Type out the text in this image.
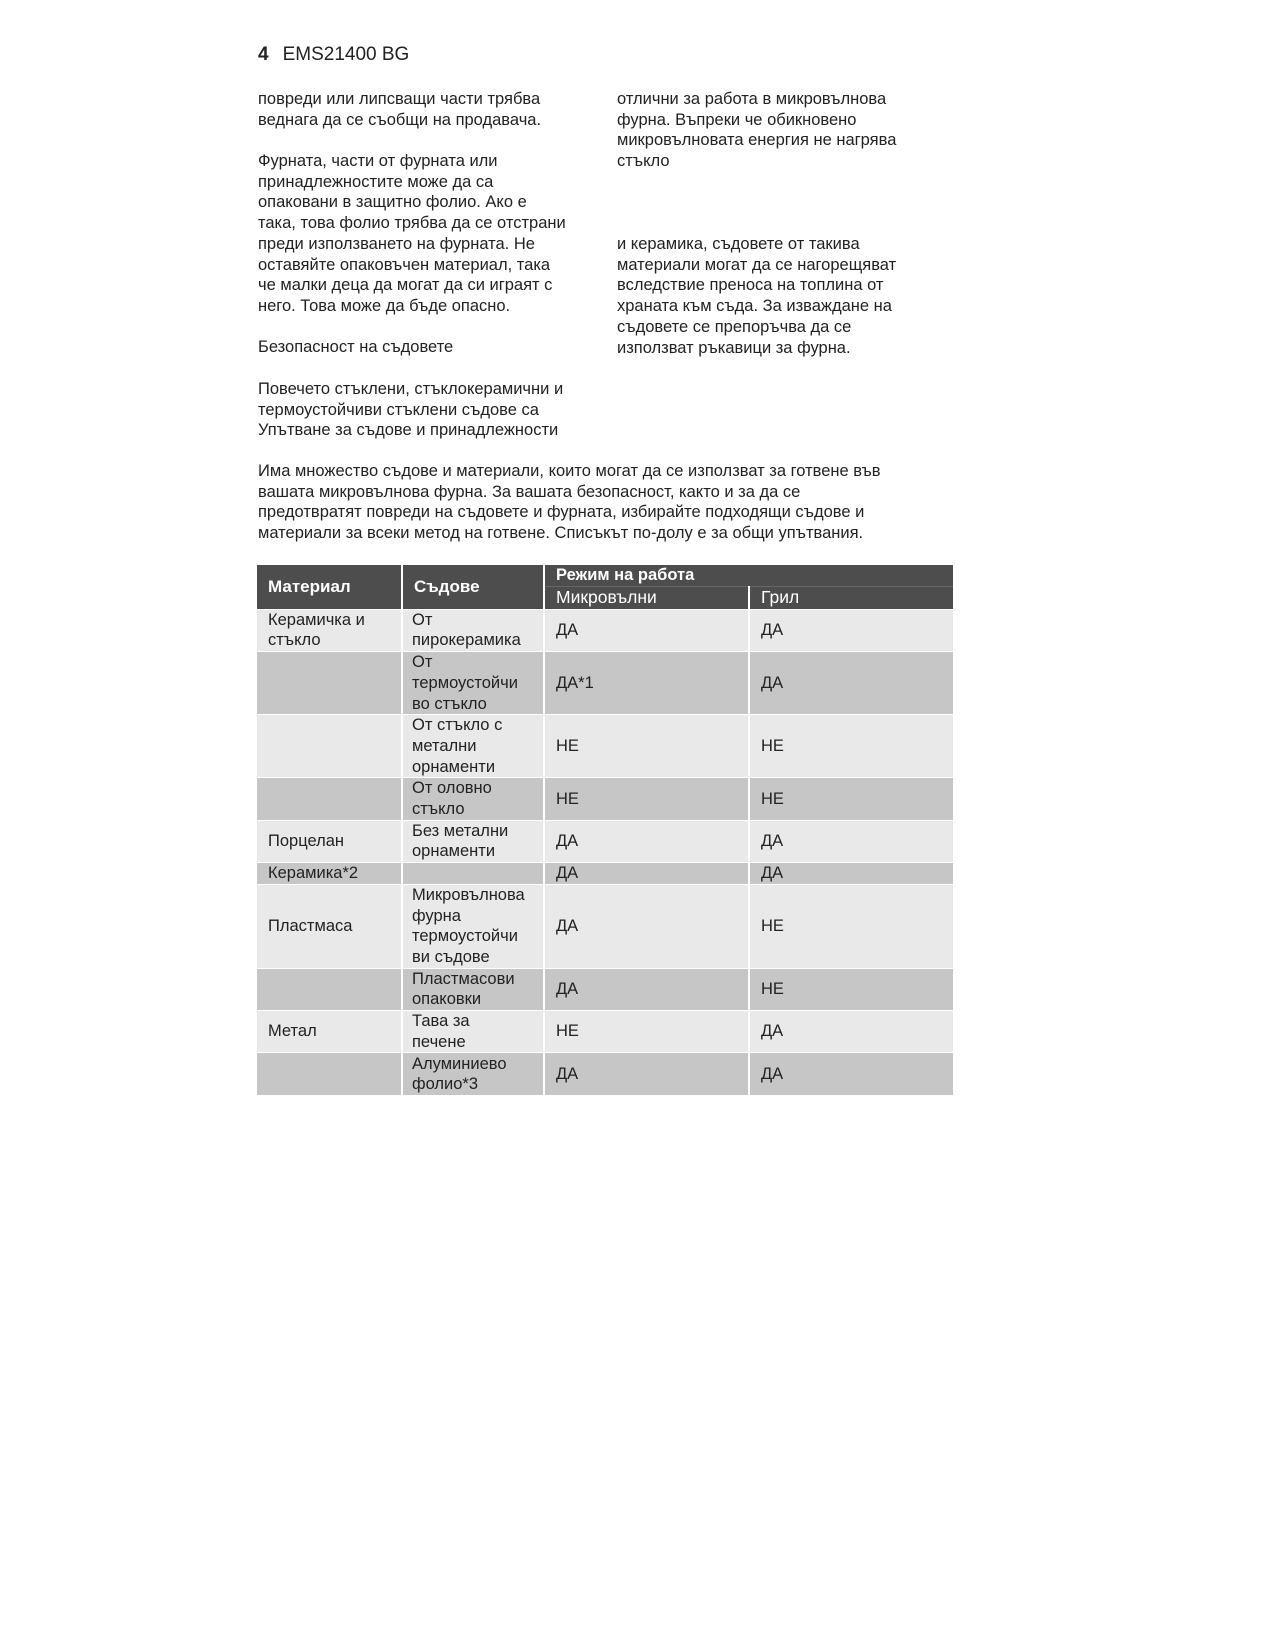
4 EMS21400 BG
повреди или липсващи части трябва
веднага да се съобщи на продавача.
Фурната, части от фурната или
принадлежностите може да са
опаковани в защитно фолио. Ако е
така, това фолио трябва да се отстрани
преди използването на фурната. Не
оставяйте опаковъчен материал, така
че малки деца да могат да си играят с
него. Това може да бъде опасно.
Безопасност на съдовете
Повечето стъклени, стъклокерамични и
термоустойчиви стъклени съдове са
Упътване за съдове и принадлежности
отлични за работа в микровълнова
фурна. Въпреки че обикновено
микровълновата енергия не нагрява
стъкло
и керамика, съдовете от такива
материали могат да се нагорещяват
вследствие преноса на топлина от
храната към съда. За изваждане на
съдовете се препоръчва да се
използват ръкавици за фурна.
Има множество съдове и материали, които могат да се използват за готвене във
вашата микровълнова фурна. За вашата безопасност, както и за да се
предотвратят повреди на съдовете и фурната, избирайте подходящи съдове и
материали за всеки метод на готвене. Списъкът по-долу е за общи упътвания.
Материал	Съдове	Режим на работа	
		Микровълни	Грил
Керамичка и
стъкло	От
пирокерамика	ДА	ДА
	От
термоустойчи
во стъкло	ДА*1	ДА
	От стъкло с
метални
орнаменти	НЕ	НЕ
	От оловно
стъкло	НЕ	НЕ
Порцелан	Без метални
орнаменти	ДА	ДА
Керамика*2		ДА	ДА
Пластмаса	Микровълнова
фурна
термоустойчи
ви съдове	ДА	НЕ
	Пластмасови
опаковки	ДА	НЕ
Метал	Тава за
печене	НЕ	ДА
	Алуминиево
фолио*3	ДА	ДА
